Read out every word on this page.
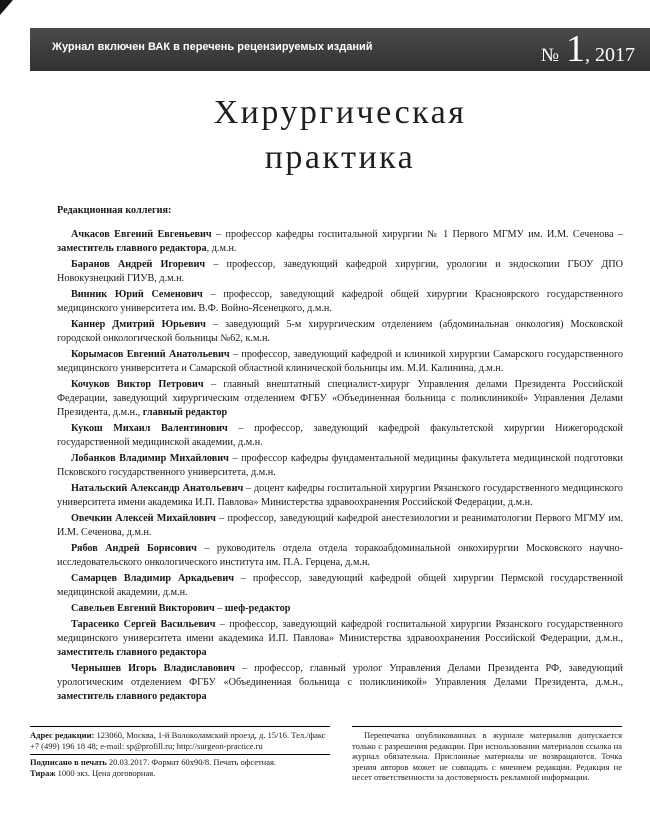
Журнал включен ВАК в перечень рецензируемых изданий	№ 1 , 2017
Хирургическая
практика

Редакционная коллегия:

Ачкасов Евгений Евгеньевич – профессор кафедры госпитальной хирургии № 1 Первого МГМУ им. И.М. Сеченова – заместитель главного редактора, д.м.н.

Баранов Андрей Игоревич – профессор, заведующий кафедрой хирургии, урологии и эндоскопии ГБОУ ДПО Новокузнецкий ГИУВ, д.м.н.

Винник Юрий Семенович – профессор, заведующий кафедрой общей хирургии Красноярского государственного медицинского университета им. В.Ф. Войно-Ясенецкого, д.м.н.

Каннер Дмитрий Юрьевич – заведующий 5-м хирургическим отделением (абдоминальная онкология) Московской городской онкологической больницы №62, к.м.н.

Корымасов Евгений Анатольевич – профессор, заведующий кафедрой и клиникой хирургии Самарского государственного медицинского университета и Самарской областной клинической больницы им. М.И. Калинина, д.м.н.

Кочуков Виктор Петрович – главный внештатный специалист-хирург Управления делами Президента Российской Федерации, заведующий хирургическим отделением ФГБУ «Объединенная больница с поликлиникой» Управления Делами Президента, д.м.н., главный редактор

Кукош Михаил Валентинович – профессор, заведующий кафедрой факультетской хирургии Нижегородской государственной медицинской академии, д.м.н.

Лобанков Владимир Михайлович – профессор кафедры фундаментальной медицины факультета медицинской подготовки Псковского государственного университета, д.м.н.

Натальский Александр Анатольевич – доцент кафедры госпитальной хирургии Рязанского государственного медицинского университета имени академика И.П. Павлова» Министерства здравоохранения Российской Федерации, д.м.н.

Овечкин Алексей Михайлович – профессор, заведующий кафедрой анестезиологии и реаниматологии Первого МГМУ им. И.М. Сеченова, д.м.н.

Рябов Андрей Борисович – руководитель отдела отдела торакоабдоминальной онкохирургии Московского научно-исследовательского онкологического института им. П.А. Герцена, д.м.н.

Самарцев Владимир Аркадьевич – профессор, заведующий кафедрой общей хирургии Пермской государственной медицинской академии, д.м.н.

Савельев Евгений Викторович – шеф-редактор

Тарасенко Сергей Васильевич – профессор, заведующий кафедрой госпитальной хирургии Рязанского государственного медицинского университета имени академика И.П. Павлова» Министерства здравоохранения Российской Федерации, д.м.н., заместитель главного редактора

Чернышев Игорь Владиславович – профессор, главный уролог Управления Делами Президента РФ, заведующий урологическим отделением ФГБУ «Объединенная больница с поликлиникой» Управления Делами Президента, д.м.н., заместитель главного редактора

Адрес редакции: 123060, Москва, 1-й Волоколамский проезд, д. 15/16. Тел./факс +7 (499) 196 18 48; e-mail: sp@profill.ru; http://surgeon-practice.ru

Подписано в печать 20.03.2017. Формат 60x90/8. Печать офсетная.

Тираж 1000 экз. Цена договорная.

Перепечатка опубликованных в журнале материалов допускается только с разрешения редакции. При использовании материалов ссылка на журнал обязательна. Присланные материалы не возвращаются. Точка зрения авторов может не совпадать с мнением редакции. Редакция не несет ответственности за достоверность рекламной информации.
